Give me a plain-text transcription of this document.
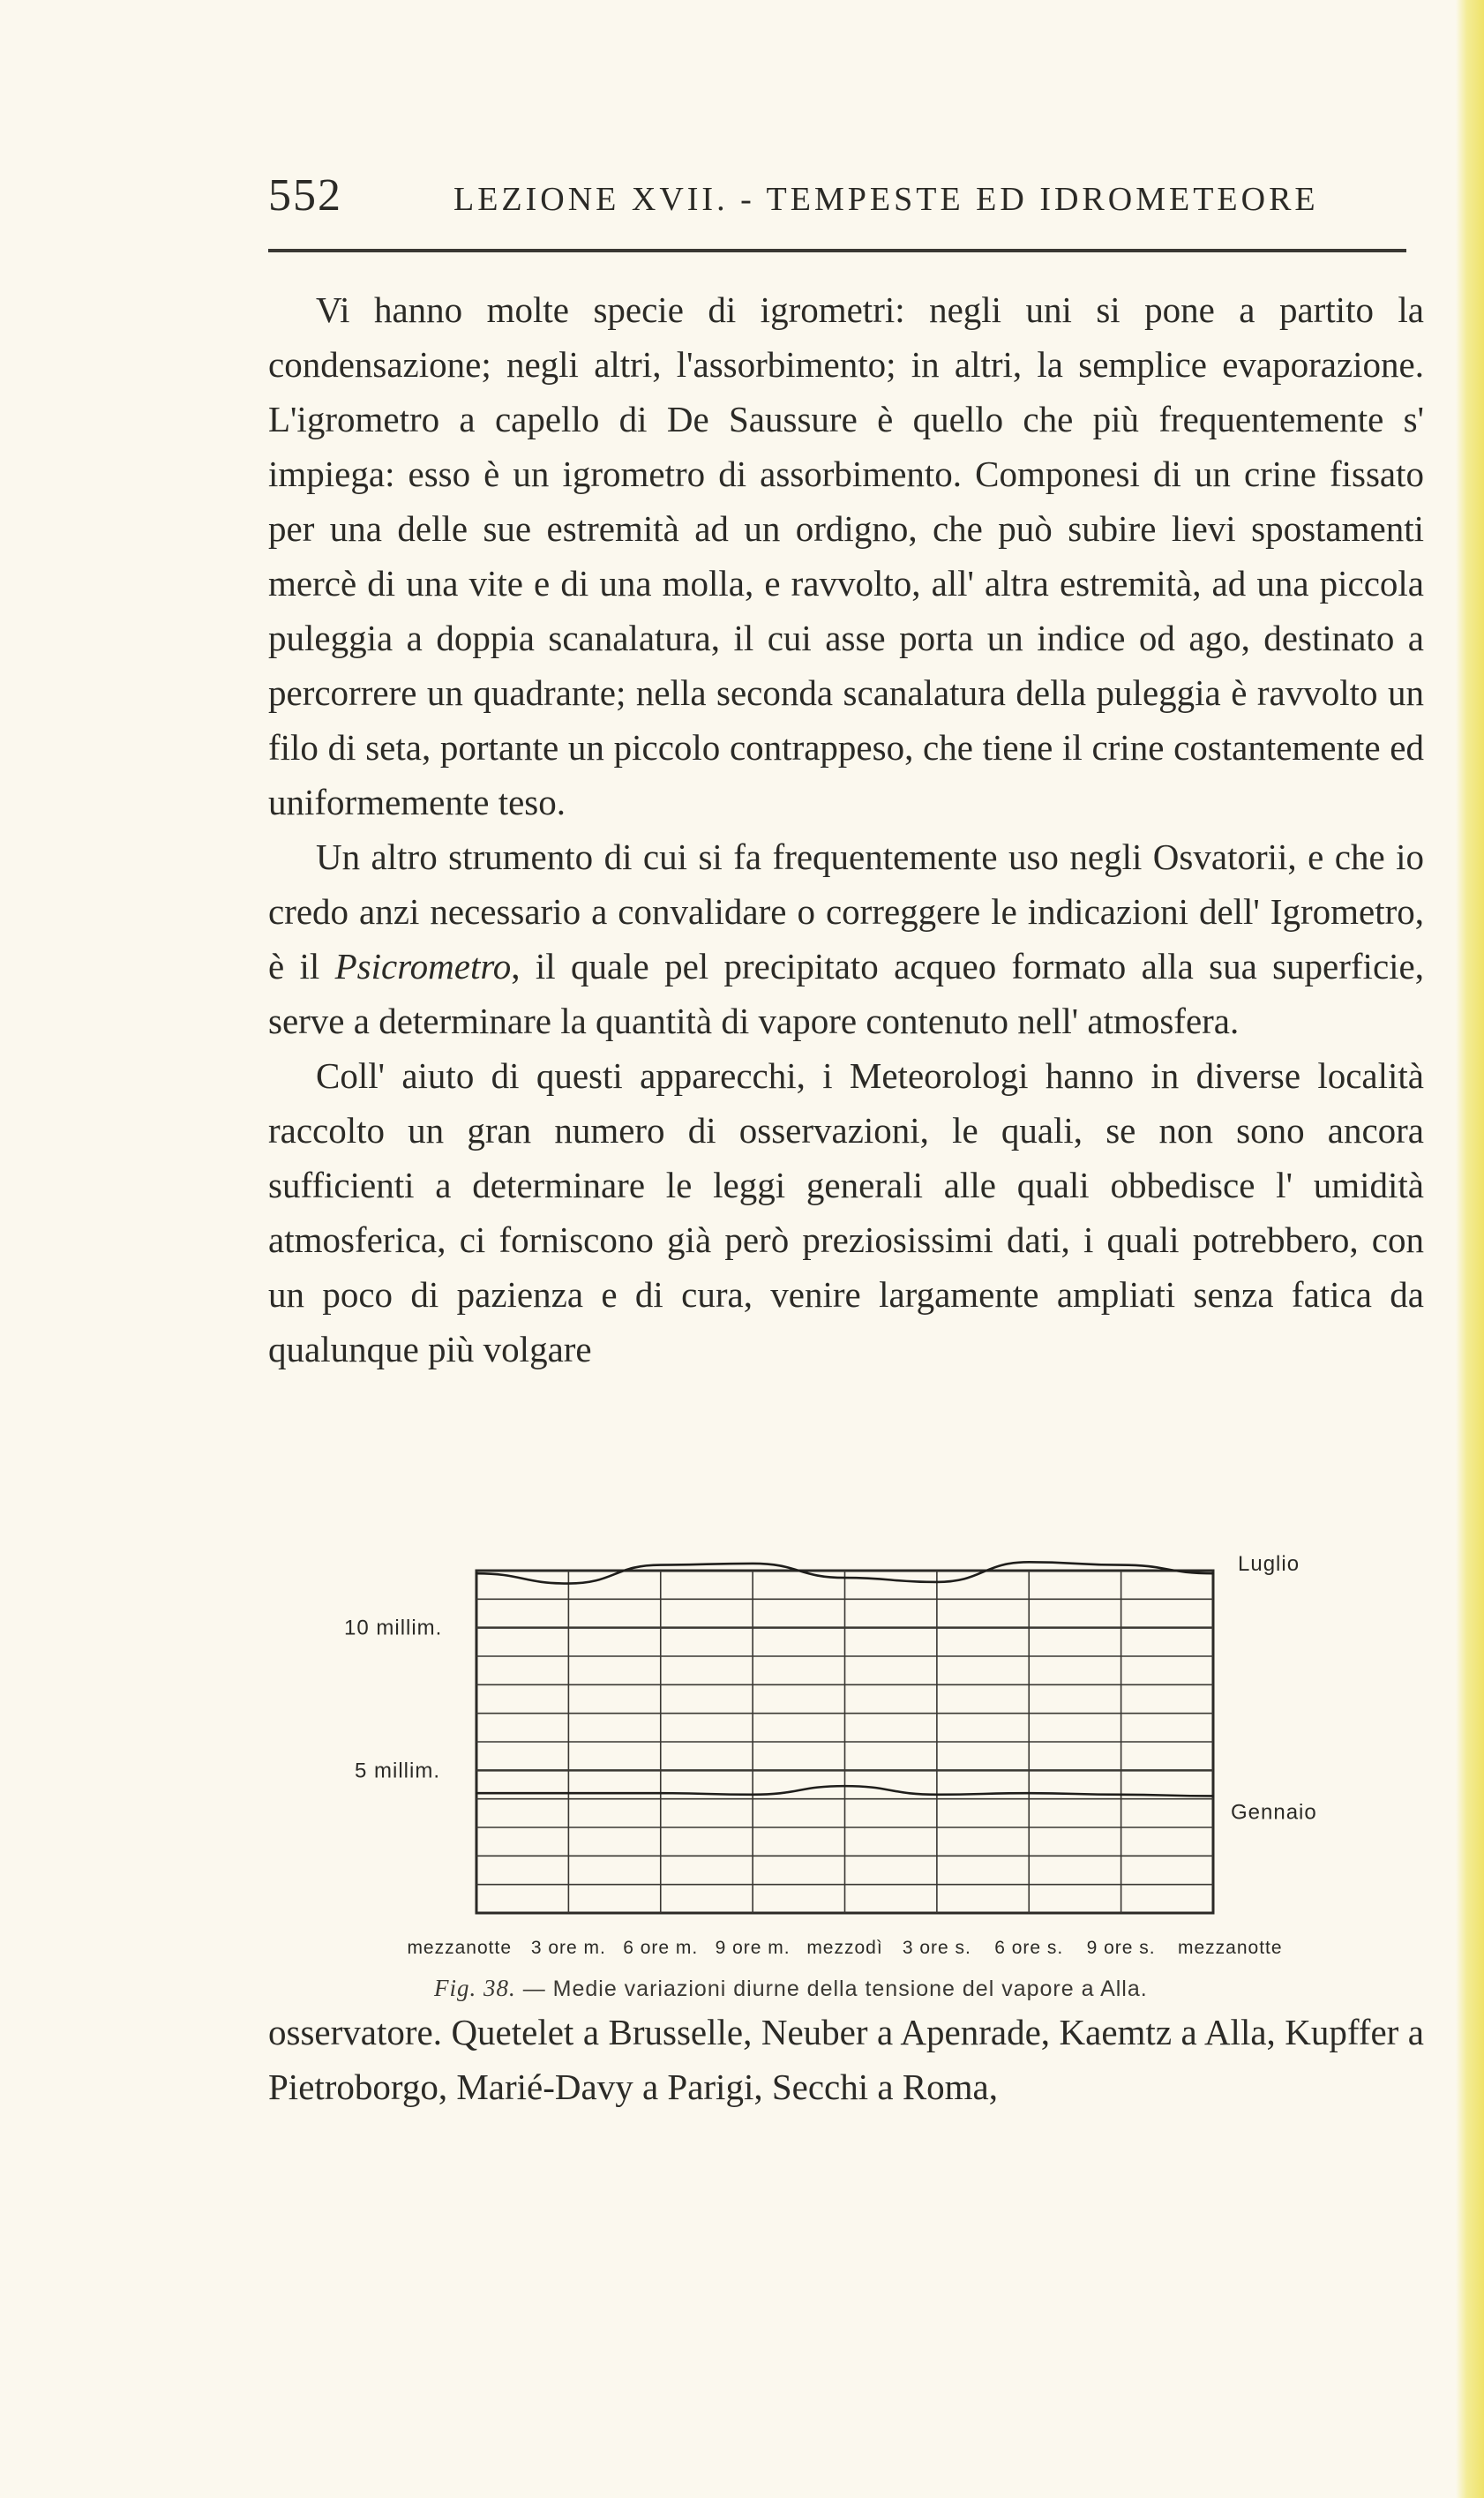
552	LEZIONE XVII. - TEMPESTE ED IDROMETEORE

Vi hanno molte specie di igrometri: negli uni si pone a partito la condensazione; negli altri, l'assorbimento; in altri, la semplice evaporazione. L'igrometro a capello di De Saussure è quello che più frequentemente s' impiega: esso è un igrometro di assorbimento. Componesi di un crine fissato per una delle sue estremità ad un ordigno, che può subire lievi spostamenti mercè di una vite e di una molla, e ravvolto, all' altra estremità, ad una piccola puleggia a doppia scanalatura, il cui asse porta un indice od ago, destinato a percorrere un quadrante; nella seconda scanalatura della puleggia è ravvolto un filo di seta, portante un piccolo contrappeso, che tiene il crine costantemente ed uniformemente teso.

Un altro strumento di cui si fa frequentemente uso negli Osvatorii, e che io credo anzi necessario a convalidare o correggere le indicazioni dell' Igrometro, è il Psicrometro, il quale pel precipitato acqueo formato alla sua superficie, serve a determinare la quantità di vapore contenuto nell' atmosfera.

Coll' aiuto di questi apparecchi, i Meteorologi hanno in diverse località raccolto un gran numero di osservazioni, le quali, se non sono ancora sufficienti a determinare le leggi generali alle quali obbedisce l' umidità atmosferica, ci forniscono già però preziosissimi dati, i quali potrebbero, con un poco di pazienza e di cura, venire largamente ampliati senza fatica da qualunque più volgare

Luglio
Gennaio
10 millim.
5 millim.
mezzanotte 3 ore m. 6 ore m. 9 ore m. mezzodì 3 ore s. 6 ore s. 9 ore s. mezzanotte
Fig. 38. — Medie variazioni diurne della tensione del vapore a Alla.

osservatore. Quetelet a Brusselle, Neuber a Apenrade, Kaemtz a Alla, Kupffer a Pietroborgo, Marié-Davy a Parigi, Secchi a Roma,
